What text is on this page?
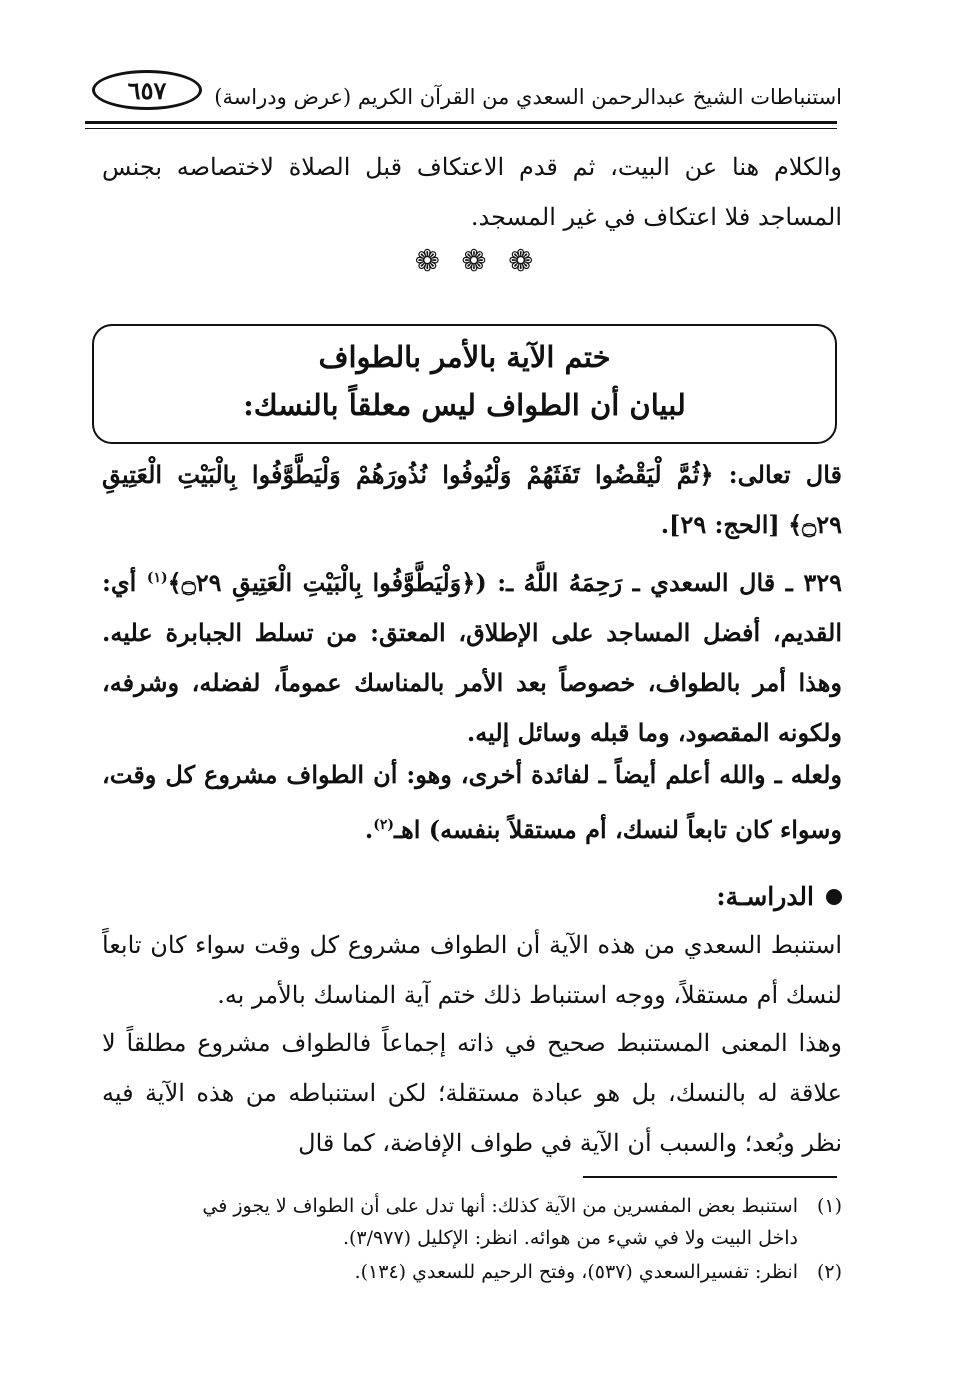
استنباطات الشيخ عبدالرحمن السعدي من القرآن الكريم (عرض ودراسة)
٦٥٧
والكلام هنا عن البيت، ثم قدم الاعتكاف قبل الصلاة لاختصاصه بجنس المساجد فلا اعتكاف في غير المسجد.
❁ ❁ ❁
ختم الآية بالأمر بالطواف
لبيان أن الطواف ليس معلقاً بالنسك:
قال تعالى: ﴿ثُمَّ لْيَقْضُوا تَفَثَهُمْ وَلْيُوفُوا نُذُورَهُمْ وَلْيَطَّوَّفُوا بِالْبَيْتِ الْعَتِيقِ ۝٢٩﴾ [الحج: ٢٩].
٣٢٩ ـ قال السعدي ـ رَحِمَهُ اللَّهُ ـ: (﴿وَلْيَطَّوَّفُوا بِالْبَيْتِ الْعَتِيقِ ۝٢٩﴾$^{(١)}$ أي: القديم، أفضل المساجد على الإطلاق، المعتق: من تسلط الجبابرة عليه. وهذا أمر بالطواف، خصوصاً بعد الأمر بالمناسك عموماً، لفضله، وشرفه، ولكونه المقصود، وما قبله وسائل إليه.
ولعله ـ والله أعلم أيضاً ـ لفائدة أخرى، وهو: أن الطواف مشروع كل وقت، وسواء كان تابعاً لنسك، أم مستقلاً بنفسه) اهـ$^{(٢)}$.
الدراسـة:
استنبط السعدي من هذه الآية أن الطواف مشروع كل وقت سواء كان تابعاً لنسك أم مستقلاً، ووجه استنباط ذلك ختم آية المناسك بالأمر به.
وهذا المعنى المستنبط صحيح في ذاته إجماعاً فالطواف مشروع مطلقاً لا علاقة له بالنسك، بل هو عبادة مستقلة؛ لكن استنباطه من هذه الآية فيه نظر وبُعد؛ والسبب أن الآية في طواف الإفاضة، كما قال
(١)استنبط بعض المفسرين من الآية كذلك: أنها تدل على أن الطواف لا يجوز في
داخل البيت ولا في شيء من هوائه. انظر: الإكليل (٣/٩٧٧).
(٢)انظر: تفسيرالسعدي (٥٣٧)، وفتح الرحيم للسعدي (١٣٤).
